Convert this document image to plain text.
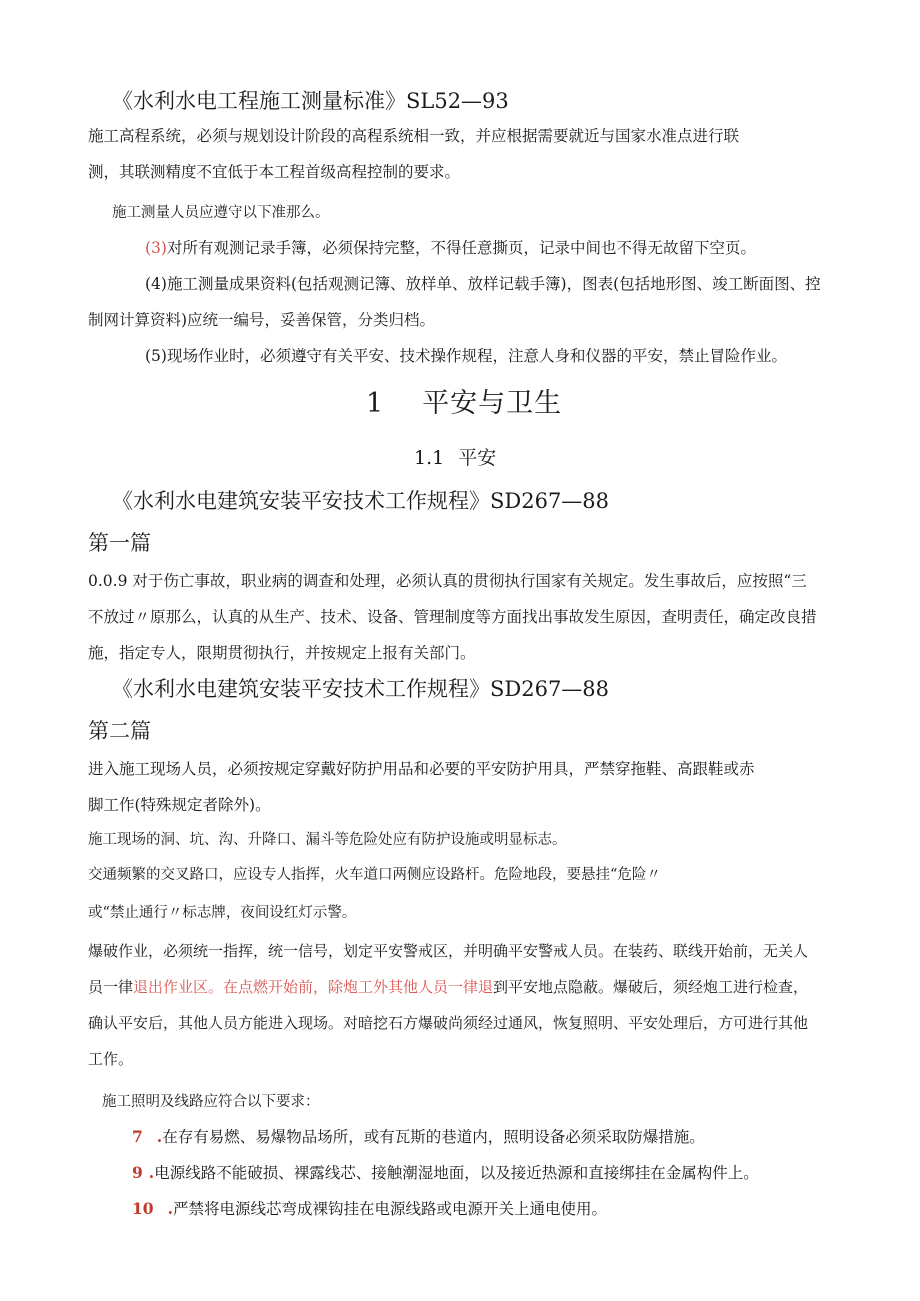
《水利水电工程施工测量标准》SL52—93
施工高程系统，必须与规划设计阶段的高程系统相一致，并应根据需要就近与国家水准点进行联
测，其联测精度不宜低于本工程首级高程控制的要求。
施工测量人员应遵守以下准那么。
(3)对所有观测记录手簿，必须保持完整，不得任意撕页，记录中间也不得无故留下空页。
(4)施工测量成果资料(包括观测记簿、放样单、放样记载手簿)，图表(包括地形图、竣工断面图、控
制网计算资料)应统一编号，妥善保管，分类归档。
(5)现场作业时，必须遵守有关平安、技术操作规程，注意人身和仪器的平安，禁止冒险作业。
1 平安与卫生
1.1 平安
《水利水电建筑安装平安技术工作规程》SD267—88
第一篇
0.0.9 对于伤亡事故，职业病的调查和处理，必须认真的贯彻执行国家有关规定。发生事故后，应按照“三
不放过〃原那么，认真的从生产、技术、设备、管理制度等方面找出事故发生原因，查明责任，确定改良措
施，指定专人，限期贯彻执行，并按规定上报有关部门。
《水利水电建筑安装平安技术工作规程》SD267—88
第二篇
进入施工现场人员，必须按规定穿戴好防护用品和必要的平安防护用具，严禁穿拖鞋、高跟鞋或赤
脚工作(特殊规定者除外)。
施工现场的洞、坑、沟、升降口、漏斗等危险处应有防护设施或明显标志。
交通频繁的交叉路口，应设专人指挥，火车道口两侧应设路杆。危险地段，要悬挂“危险〃
或“禁止通行〃标志牌，夜间设红灯示警。
爆破作业，必须统一指挥，统一信号，划定平安警戒区，并明确平安警戒人员。在装药、联线开始前，无关人
员一律退出作业区。在点燃开始前，除炮工外其他人员一律退到平安地点隐蔽。爆破后，须经炮工进行检查，
确认平安后，其他人员方能进入现场。对暗挖石方爆破尚须经过通风，恢复照明、平安处理后，方可进行其他
工作。
施工照明及线路应符合以下要求：
7 .在存有易燃、易爆物品场所，或有瓦斯的巷道内，照明设备必须采取防爆措施。
9 .电源线路不能破损、裸露线芯、接触潮湿地面，以及接近热源和直接绑挂在金属构件上。
10 .严禁将电源线芯弯成裸钩挂在电源线路或电源开关上通电使用。
